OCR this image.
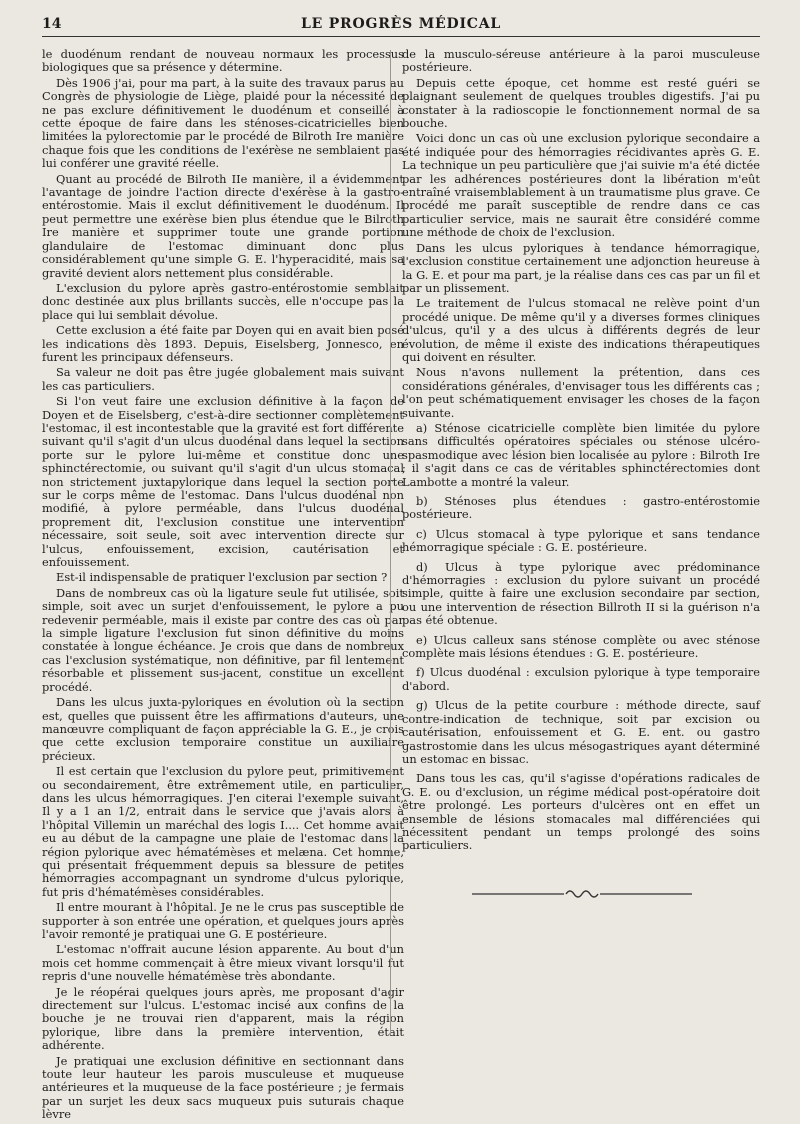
14	LE PROGRÈS MÉDICAL

le duodénum rendant de nouveau normaux les processus biologiques que sa présence y détermine.

Dès 1906 j'ai, pour ma part, à la suite des travaux parus au Congrès de physiologie de Liège, plaidé pour la nécessité de ne pas exclure définitivement le duodénum et conseillé à cette époque de faire dans les sténoses-cicatricielles bien limitées la pylorectomie par le procédé de Bilroth Ire manière chaque fois que les conditions de l'exérèse ne semblaient pas lui conférer une gravité réelle.

Quant au procédé de Bilroth IIe manière, il a évidemment l'avantage de joindre l'action directe d'exérèse à la gastro-entérostomie. Mais il exclut définitivement le duodénum. Il peut permettre une exérèse bien plus étendue que le Bilroth Ire manière et supprimer toute une grande portion glandulaire de l'estomac diminuant donc plus considérablement qu'une simple G. E. l'hyperacidité, mais sa gravité devient alors nettement plus considérable.

L'exclusion du pylore après gastro-entérostomie semblait donc destinée aux plus brillants succès, elle n'occupe pas la place qui lui semblait dévolue.

Cette exclusion a été faite par Doyen qui en avait bien posé les indications dès 1893. Depuis, Eiselsberg, Jonnesco, en furent les principaux défenseurs.

Sa valeur ne doit pas être jugée globalement mais suivant les cas particuliers.

Si l'on veut faire une exclusion définitive à la façon de Doyen et de Eiselsberg, c'est-à-dire sectionner complètement l'estomac, il est incontestable que la gravité est fort différente suivant qu'il s'agit d'un ulcus duodénal dans lequel la section porte sur le pylore lui-même et constitue donc une sphinctérectomie, ou suivant qu'il s'agit d'un ulcus stomacal non strictement juxtapylorique dans lequel la section porte sur le corps même de l'estomac. Dans l'ulcus duodénal non modifié, à pylore perméable, dans l'ulcus duodénal proprement dit, l'exclusion constitue une intervention nécessaire, soit seule, soit avec intervention directe sur l'ulcus, enfouissement, excision, cautérisation et enfouissement.

Est-il indispensable de pratiquer l'exclusion par section ?

Dans de nombreux cas où la ligature seule fut utilisée, soit simple, soit avec un surjet d'enfouissement, le pylore a pu redevenir perméable, mais il existe par contre des cas où par la simple ligature l'exclusion fut sinon définitive du moins constatée à longue échéance. Je crois que dans de nombreux cas l'exclusion systématique, non définitive, par fil lentement résorbable et plissement sus-jacent, constitue un excellent procédé.

Dans les ulcus juxta-pyloriques en évolution où la section est, quelles que puissent être les affirmations d'auteurs, une manœuvre compliquant de façon appréciable la G. E., je crois que cette exclusion temporaire constitue un auxiliaire précieux.

Il est certain que l'exclusion du pylore peut, primitivement ou secondairement, être extrêmement utile, en particulier, dans les ulcus hémorragiques. J'en citerai l'exemple suivant, Il y a 1 an 1/2, entrait dans le service que j'avais alors à l'hôpital Villemin un maréchal des logis I.... Cet homme avait eu au début de la campagne une plaie de l'estomac dans la région pylorique avec hématémèses et melæna. Cet homme, qui présentait fréquemment depuis sa blessure de petites hémorragies accompagnant un syndrome d'ulcus pylorique, fut pris d'hématémèses considérables.

Il entre mourant à l'hôpital. Je ne le crus pas susceptible de supporter à son entrée une opération, et quelques jours après l'avoir remonté je pratiquai une G. E postérieure.

L'estomac n'offrait aucune lésion apparente. Au bout d'un mois cet homme commençait à être mieux vivant lorsqu'il fut repris d'une nouvelle hématémèse très abondante.

Je le réopérai quelques jours après, me proposant d'agir directement sur l'ulcus. L'estomac incisé aux confins de la bouche je ne trouvai rien d'apparent, mais la région pylorique, libre dans la première intervention, était adhérente.

Je pratiquai une exclusion définitive en sectionnant dans toute leur hauteur les parois musculeuse et muqueuse antérieures et la muqueuse de la face postérieure ; je fermais par un surjet les deux sacs muqueux puis suturais chaque lèvre

de la musculo-séreuse antérieure à la paroi musculeuse postérieure.

Depuis cette époque, cet homme est resté guéri se plaignant seulement de quelques troubles digestifs. J'ai pu constater à la radioscopie le fonctionnement normal de sa bouche.

Voici donc un cas où une exclusion pylorique secondaire a été indiquée pour des hémorragies récidivantes après G. E. La technique un peu particulière que j'ai suivie m'a été dictée par les adhérences postérieures dont la libération m'eût entraîné vraisemblablement à un traumatisme plus grave. Ce procédé me paraît susceptible de rendre dans ce cas particulier service, mais ne saurait être considéré comme une méthode de choix de l'exclusion.

Dans les ulcus pyloriques à tendance hémorragique, l'exclusion constitue certainement une adjonction heureuse à la G. E. et pour ma part, je la réalise dans ces cas par un fil et par un plissement.

Le traitement de l'ulcus stomacal ne relève point d'un procédé unique. De même qu'il y a diverses formes cliniques d'ulcus, qu'il y a des ulcus à différents degrés de leur évolution, de même il existe des indications thérapeutiques qui doivent en résulter.

Nous n'avons nullement la prétention, dans ces considérations générales, d'envisager tous les différents cas ; l'on peut schématiquement envisager les choses de la façon suivante.

a) Sténose cicatricielle complète bien limitée du pylore sans difficultés opératoires spéciales ou sténose ulcéro-spasmodique avec lésion bien localisée au pylore : Bilroth Ire ; il s'agit dans ce cas de véritables sphinctérectomies dont Lambotte a montré la valeur.

b) Sténoses plus étendues : gastro-entérostomie postérieure.

c) Ulcus stomacal à type pylorique et sans tendance hémorragique spéciale : G. E. postérieure.

d) Ulcus à type pylorique avec prédominance d'hémorragies : exclusion du pylore suivant un procédé simple, quitte à faire une exclusion secondaire par section, ou une intervention de résection Billroth II si la guérison n'a pas été obtenue.

e) Ulcus calleux sans sténose complète ou avec sténose complète mais lésions étendues : G. E. postérieure.

f) Ulcus duodénal : exculsion pylorique à type temporaire d'abord.

g) Ulcus de la petite courbure : méthode directe, sauf contre-indication de technique, soit par excision ou cautérisation, enfouissement et G. E. ent. ou gastro gastrostomie dans les ulcus mésogastriques ayant déterminé un estomac en bissac.

Dans tous les cas, qu'il s'agisse d'opérations radicales de G. E. ou d'exclusion, un régime médical post-opératoire doit être prolongé. Les porteurs d'ulcères ont en effet un ensemble de lésions stomacales mal différenciées qui nécessitent pendant un temps prolongé des soins particuliers.
